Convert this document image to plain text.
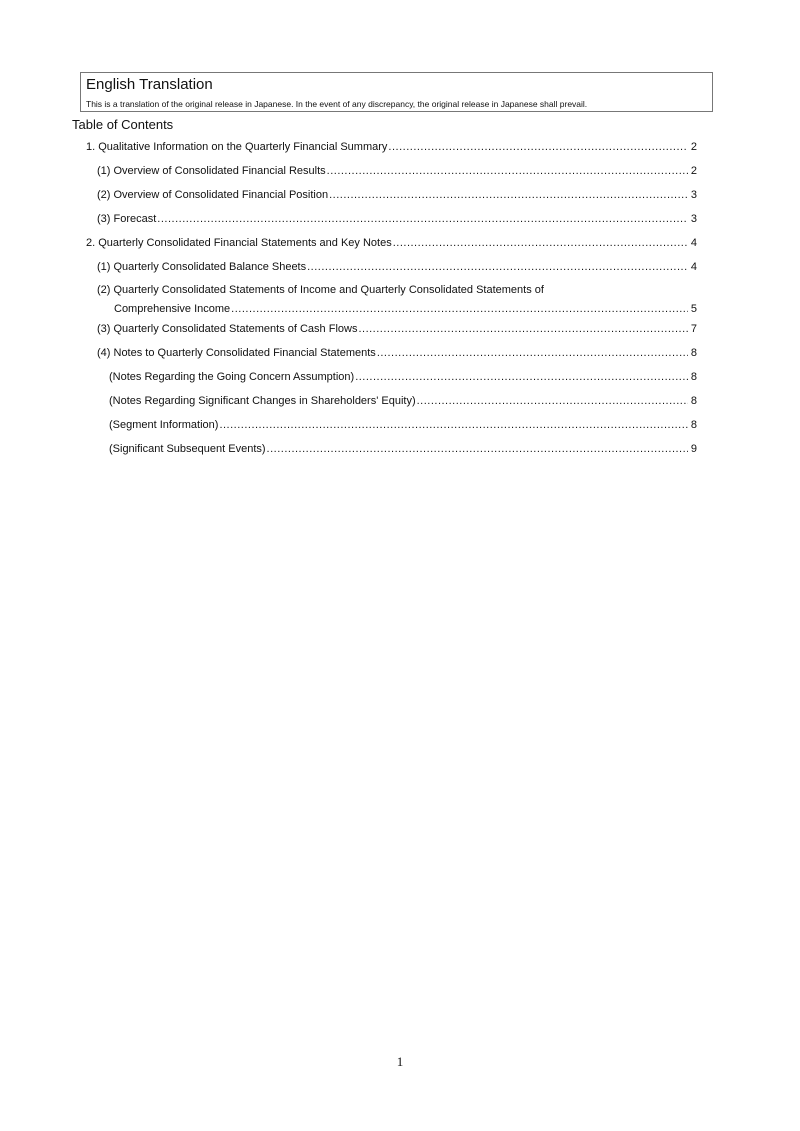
English Translation
This is a translation of the original release in Japanese. In the event of any discrepancy, the original release in Japanese shall prevail.
Table of Contents
1. Qualitative Information on the Quarterly Financial Summary .....	2
(1) Overview of Consolidated Financial Results .....	2
(2) Overview of Consolidated Financial Position .....	3
(3) Forecast .....	3
2. Quarterly Consolidated Financial Statements and Key Notes .....	4
(1) Quarterly Consolidated Balance Sheets .....	4
(2) Quarterly Consolidated Statements of Income and Quarterly Consolidated Statements of
Comprehensive Income .....	5
(3) Quarterly Consolidated Statements of Cash Flows .....	7
(4) Notes to Quarterly Consolidated Financial Statements .....	8
(Notes Regarding the Going Concern Assumption) .....	8
(Notes Regarding Significant Changes in Shareholders' Equity) .....	8
(Segment Information) .....	8
(Significant Subsequent Events) .....	9
1
